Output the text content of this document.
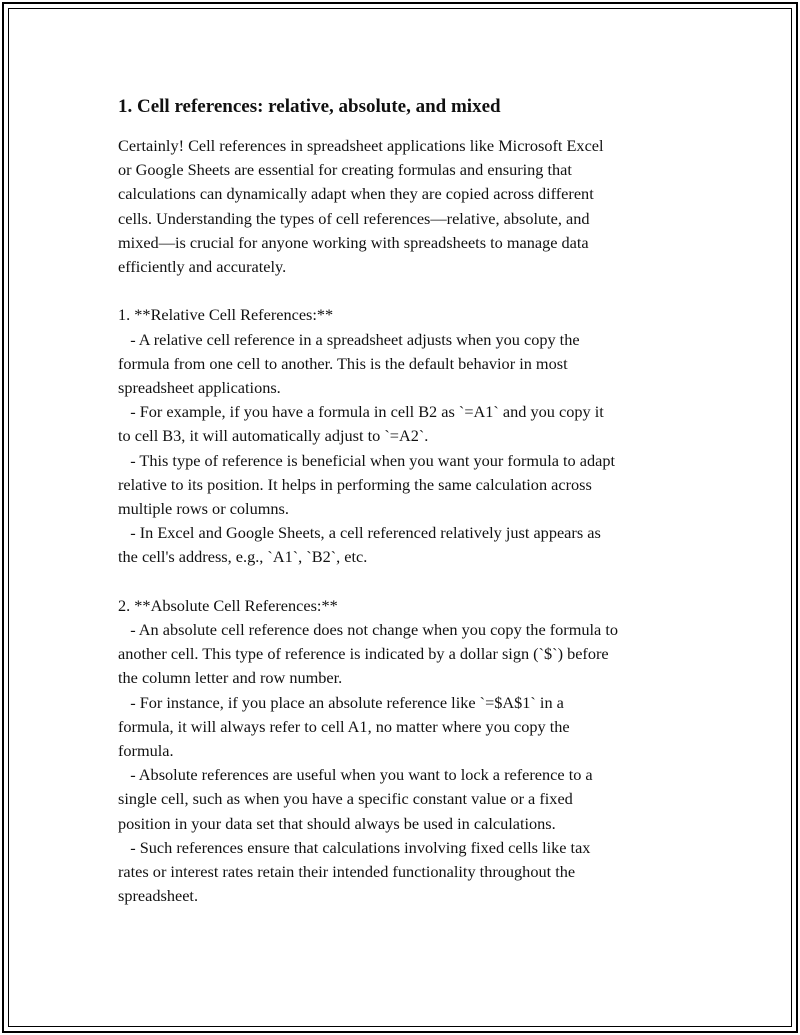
1. Cell references: relative, absolute, and mixed
Certainly! Cell references in spreadsheet applications like Microsoft Excel
or Google Sheets are essential for creating formulas and ensuring that
calculations can dynamically adapt when they are copied across different
cells. Understanding the types of cell references—relative, absolute, and
mixed—is crucial for anyone working with spreadsheets to manage data
efficiently and accurately.
1. **Relative Cell References:**
- A relative cell reference in a spreadsheet adjusts when you copy the
formula from one cell to another. This is the default behavior in most
spreadsheet applications.
- For example, if you have a formula in cell B2 as `=A1` and you copy it
to cell B3, it will automatically adjust to `=A2`.
- This type of reference is beneficial when you want your formula to adapt
relative to its position. It helps in performing the same calculation across
multiple rows or columns.
- In Excel and Google Sheets, a cell referenced relatively just appears as
the cell's address, e.g., `A1`, `B2`, etc.
2. **Absolute Cell References:**
- An absolute cell reference does not change when you copy the formula to
another cell. This type of reference is indicated by a dollar sign (`$`) before
the column letter and row number.
- For instance, if you place an absolute reference like `=$A$1` in a
formula, it will always refer to cell A1, no matter where you copy the
formula.
- Absolute references are useful when you want to lock a reference to a
single cell, such as when you have a specific constant value or a fixed
position in your data set that should always be used in calculations.
- Such references ensure that calculations involving fixed cells like tax
rates or interest rates retain their intended functionality throughout the
spreadsheet.
